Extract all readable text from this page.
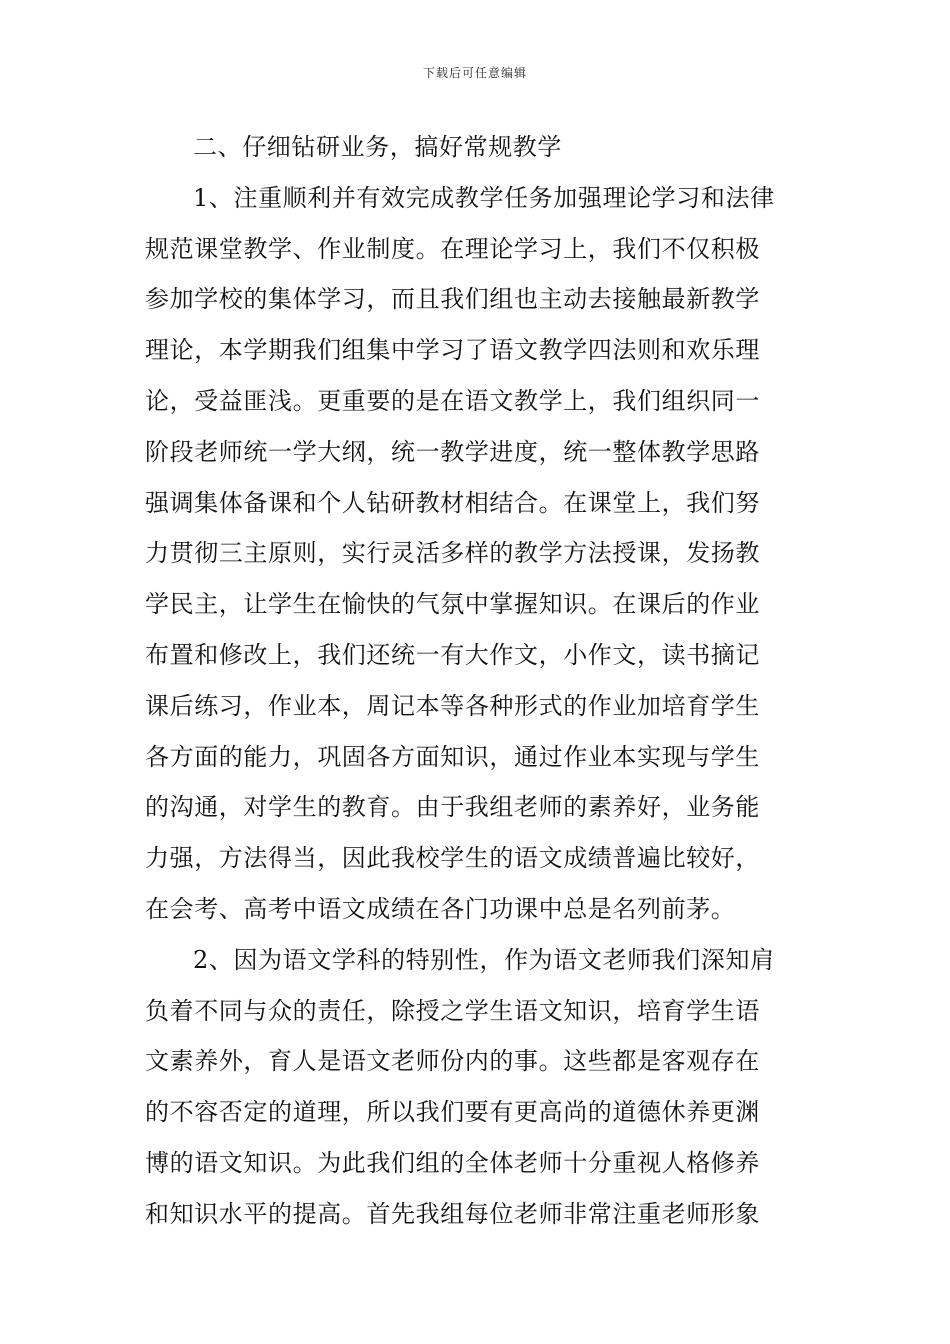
下载后可任意编辑
二、仔细钻研业务，搞好常规教学
1、注重顺利并有效完成教学任务加强理论学习和法律
规范课堂教学、作业制度。在理论学习上，我们不仅积极
参加学校的集体学习，而且我们组也主动去接触最新教学
理论，本学期我们组集中学习了语文教学四法则和欢乐理
论，受益匪浅。更重要的是在语文教学上，我们组织同一
阶段老师统一学大纲，统一教学进度，统一整体教学思路
强调集体备课和个人钻研教材相结合。在课堂上，我们努
力贯彻三主原则，实行灵活多样的教学方法授课，发扬教
学民主，让学生在愉快的气氛中掌握知识。在课后的作业
布置和修改上，我们还统一有大作文，小作文，读书摘记
课后练习，作业本，周记本等各种形式的作业加培育学生
各方面的能力，巩固各方面知识，通过作业本实现与学生
的沟通，对学生的教育。由于我组老师的素养好，业务能
力强，方法得当，因此我校学生的语文成绩普遍比较好，
在会考、高考中语文成绩在各门功课中总是名列前茅。
2、因为语文学科的特别性，作为语文老师我们深知肩
负着不同与众的责任，除授之学生语文知识，培育学生语
文素养外，育人是语文老师份内的事。这些都是客观存在
的不容否定的道理，所以我们要有更高尚的道德休养更渊
博的语文知识。为此我们组的全体老师十分重视人格修养
和知识水平的提高。首先我组每位老师非常注重老师形象
